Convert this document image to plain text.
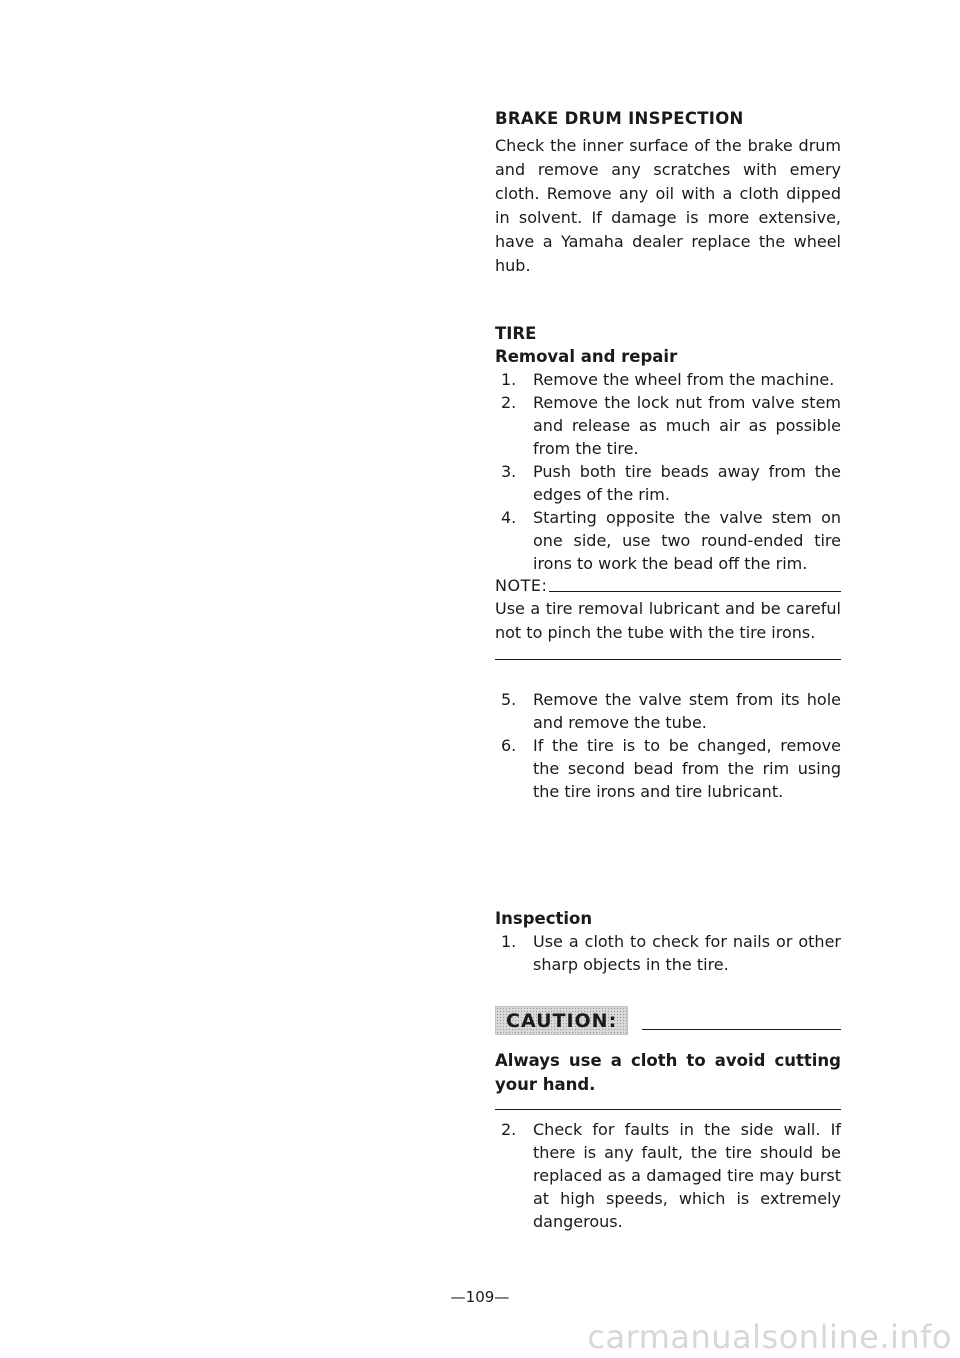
BRAKE DRUM INSPECTION

Check the inner surface of the brake drum and remove any scratches with emery cloth. Remove any oil with a cloth dipped in solvent. If damage is more extensive, have a Yamaha dealer replace the wheel hub.

TIRE
Removal and repair
1.	Remove the wheel from the machine.
2.	Remove the lock nut from valve stem and release as much air as possible from the tire.
3.	Push both tire beads away from the edges of the rim.
4.	Starting opposite the valve stem on one side, use two round-ended tire irons to work the bead off the rim.
NOTE:

Use a tire removal lubricant and be careful not to pinch the tube with the tire irons.

5.	Remove the valve stem from its hole and remove the tube.
6.	If the tire is to be changed, remove the second bead from the rim using the tire irons and tire lubricant.
Inspection
1.	Use a cloth to check for nails or other sharp objects in the tire.
CAUTION:

Always use a cloth to avoid cutting your hand.

2.	Check for faults in the side wall. If there is any fault, the tire should be replaced as a damaged tire may burst at high speeds, which is extremely dangerous.
—109—
carmanualsonline.info
